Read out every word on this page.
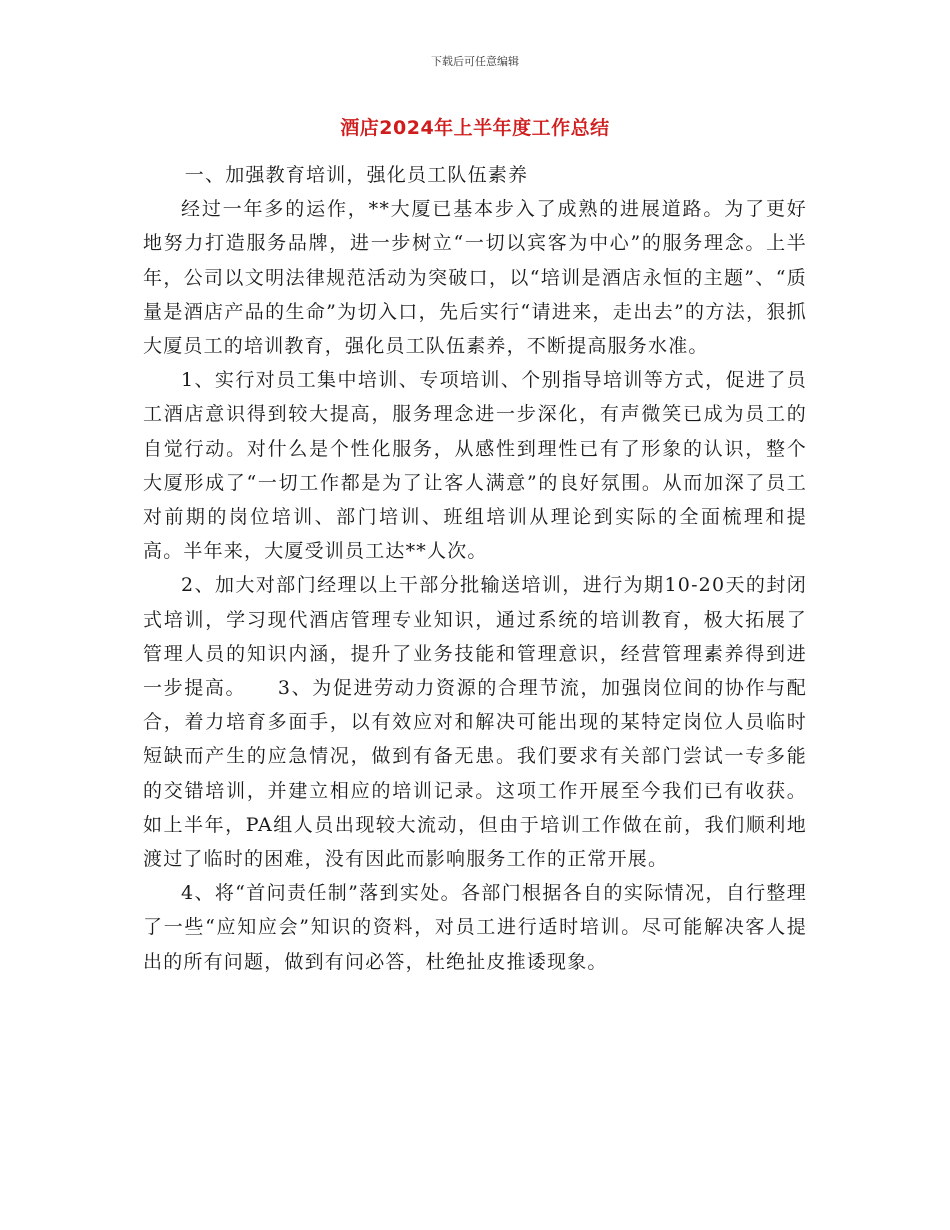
下载后可任意编辑
酒店2024年上半年度工作总结

一、加强教育培训，强化员工队伍素养

经过一年多的运作，**大厦已基本步入了成熟的进展道路。为了更好地努力打造服务品牌，进一步树立“一切以宾客为中心”的服务理念。上半年，公司以文明法律规范活动为突破口，以“培训是酒店永恒的主题”、“质量是酒店产品的生命”为切入口，先后实行“请进来，走出去”的方法，狠抓大厦员工的培训教育，强化员工队伍素养，不断提高服务水准。

1、实行对员工集中培训、专项培训、个别指导培训等方式，促进了员工酒店意识得到较大提高，服务理念进一步深化，有声微笑已成为员工的自觉行动。对什么是个性化服务，从感性到理性已有了形象的认识，整个大厦形成了“一切工作都是为了让客人满意”的良好氛围。从而加深了员工对前期的岗位培训、部门培训、班组培训从理论到实际的全面梳理和提高。半年来，大厦受训员工达**人次。

2、加大对部门经理以上干部分批输送培训，进行为期10-20天的封闭式培训，学习现代酒店管理专业知识，通过系统的培训教育，极大拓展了管理人员的知识内涵，提升了业务技能和管理意识，经营管理素养得到进一步提高。　　3、为促进劳动力资源的合理节流，加强岗位间的协作与配合，着力培育多面手，以有效应对和解决可能出现的某特定岗位人员临时短缺而产生的应急情况，做到有备无患。我们要求有关部门尝试一专多能的交错培训，并建立相应的培训记录。这项工作开展至今我们已有收获。如上半年，PA组人员出现较大流动，但由于培训工作做在前，我们顺利地渡过了临时的困难，没有因此而影响服务工作的正常开展。

4、将“首问责任制”落到实处。各部门根据各自的实际情况，自行整理了一些“应知应会”知识的资料，对员工进行适时培训。尽可能解决客人提出的所有问题，做到有问必答，杜绝扯皮推诿现象。
